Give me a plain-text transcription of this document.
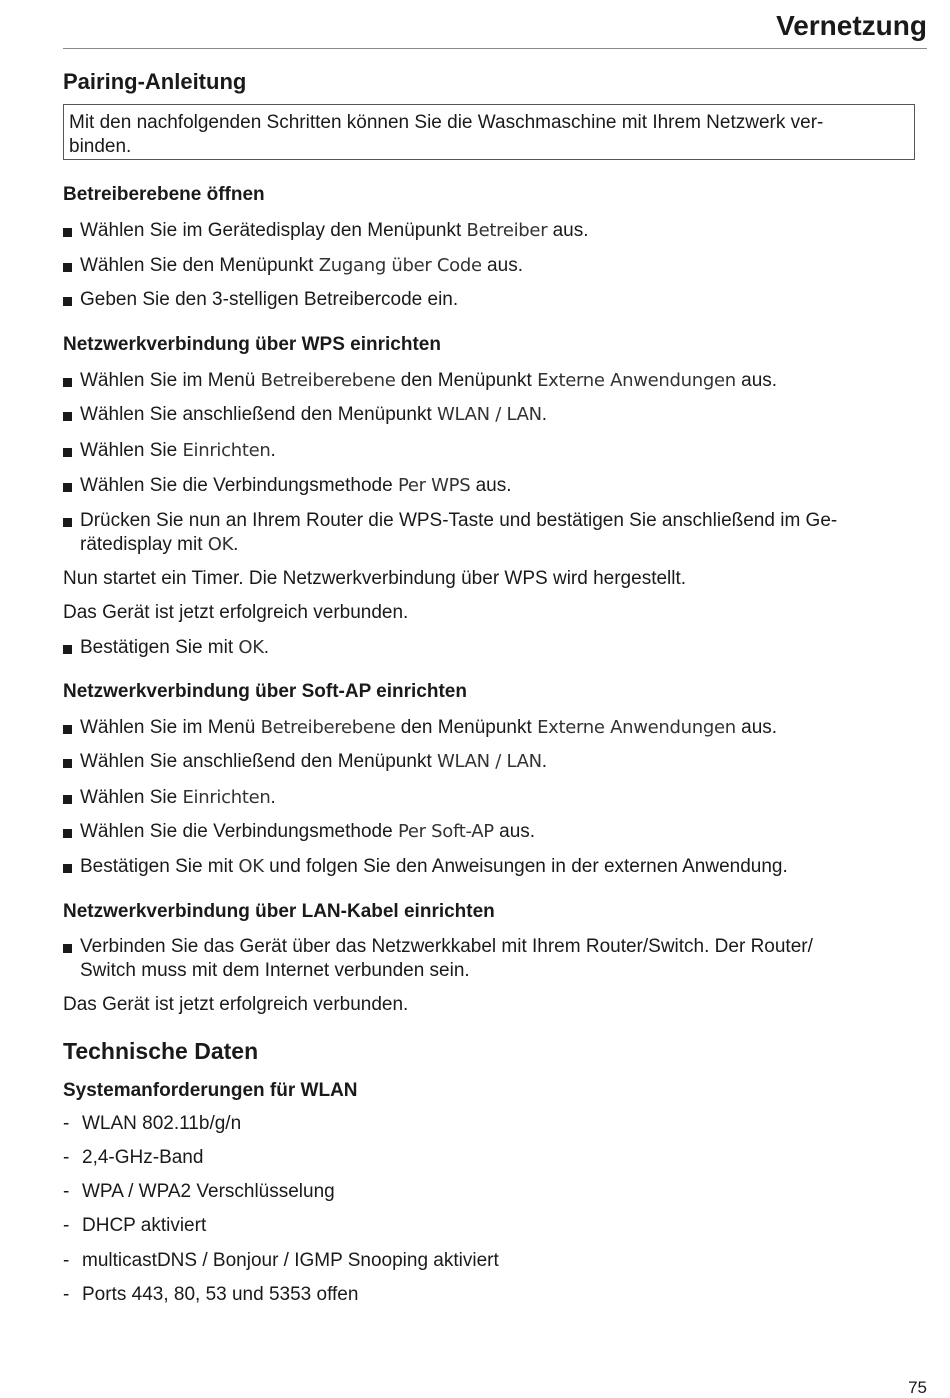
Vernetzung
Pairing-Anleitung
Mit den nachfolgenden Schritten können Sie die Waschmaschine mit Ihrem Netzwerk ver-
binden.
Betreiberebene öffnen
Wählen Sie im Gerätedisplay den Menüpunkt Betreiber aus.
Wählen Sie den Menüpunkt Zugang über Code aus.
Geben Sie den 3-stelligen Betreibercode ein.
Netzwerkverbindung über WPS einrichten
Wählen Sie im Menü Betreiberebene den Menüpunkt Externe Anwendungen aus.
Wählen Sie anschließend den Menüpunkt WLAN / LAN.
Wählen Sie Einrichten.
Wählen Sie die Verbindungsmethode Per WPS aus.
Drücken Sie nun an Ihrem Router die WPS-Taste und bestätigen Sie anschließend im Ge-
rätedisplay mit OK.
Nun startet ein Timer. Die Netzwerkverbindung über WPS wird hergestellt.
Das Gerät ist jetzt erfolgreich verbunden.
Bestätigen Sie mit OK.
Netzwerkverbindung über Soft-AP einrichten
Wählen Sie im Menü Betreiberebene den Menüpunkt Externe Anwendungen aus.
Wählen Sie anschließend den Menüpunkt WLAN / LAN.
Wählen Sie Einrichten.
Wählen Sie die Verbindungsmethode Per Soft-AP aus.
Bestätigen Sie mit OK und folgen Sie den Anweisungen in der externen Anwendung.
Netzwerkverbindung über LAN-Kabel einrichten
Verbinden Sie das Gerät über das Netzwerkkabel mit Ihrem Router/Switch. Der Router/
Switch muss mit dem Internet verbunden sein.
Das Gerät ist jetzt erfolgreich verbunden.
Technische Daten
Systemanforderungen für WLAN
- WLAN 802.11b/g/n
- 2,4-GHz-Band
- WPA / WPA2 Verschlüsselung
- DHCP aktiviert
- multicastDNS / Bonjour / IGMP Snooping aktiviert
- Ports 443, 80, 53 und 5353 offen
75
